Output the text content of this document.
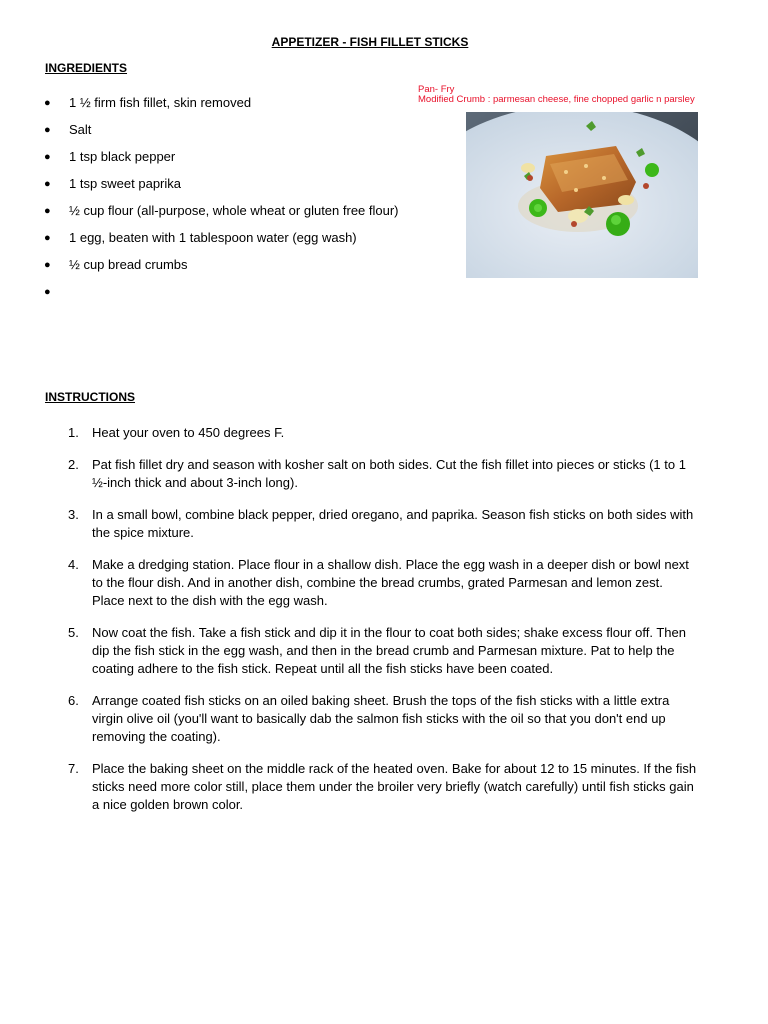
APPETIZER - FISH FILLET STICKS
INGREDIENTS
● 1 ½ firm fish fillet, skin removed
● Salt
● 1 tsp black pepper
● 1 tsp sweet paprika
● ½ cup flour (all-purpose, whole wheat or gluten free flour)
● 1 egg, beaten with 1 tablespoon water (egg wash)
● ½ cup bread crumbs
●
Pan- Fry
Modified Crumb : parmesan cheese, fine chopped garlic n parsley
INSTRUCTIONS
1. Heat your oven to 450 degrees F.
2. Pat fish fillet dry and season with kosher salt on both sides. Cut the fish fillet into pieces or sticks (1 to 1 ½-inch thick and about 3-inch long).
3. In a small bowl, combine black pepper, dried oregano, and paprika. Season fish sticks on both sides with the spice mixture.
4. Make a dredging station. Place flour in a shallow dish. Place the egg wash in a deeper dish or bowl next to the flour dish. And in another dish, combine the bread crumbs, grated Parmesan and lemon zest. Place next to the dish with the egg wash.
5. Now coat the fish. Take a fish stick and dip it in the flour to coat both sides; shake excess flour off. Then dip the fish stick in the egg wash, and then in the bread crumb and Parmesan mixture. Pat to help the coating adhere to the fish stick. Repeat until all the fish sticks have been coated.
6. Arrange coated fish sticks on an oiled baking sheet. Brush the tops of the fish sticks with a little extra virgin olive oil (you'll want to basically dab the salmon fish sticks with the oil so that you don't end up removing the coating).
7. Place the baking sheet on the middle rack of the heated oven. Bake for about 12 to 15 minutes. If the fish sticks need more color still, place them under the broiler very briefly (watch carefully) until fish sticks gain a nice golden brown color.
